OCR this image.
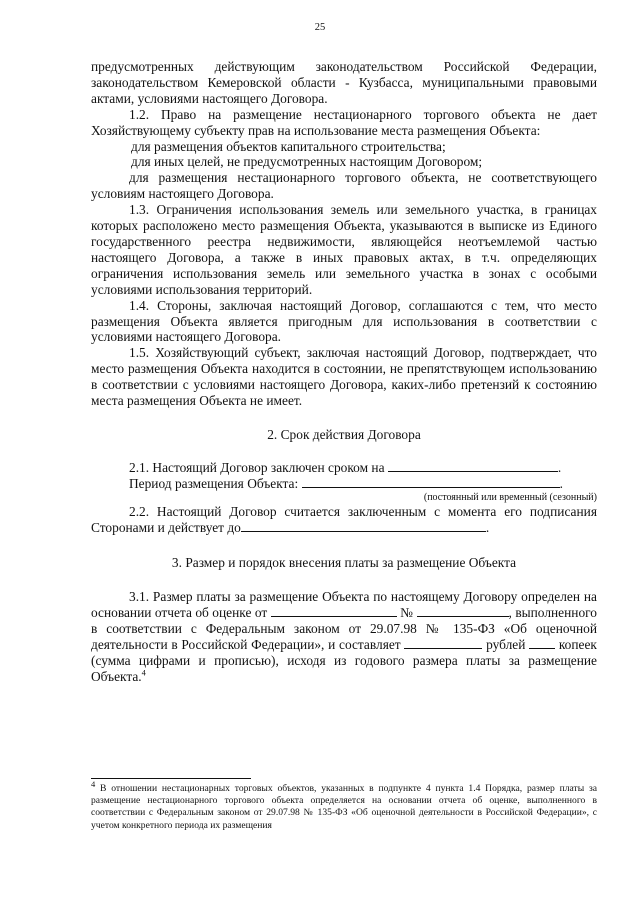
25

предусмотренных действующим законодательством Российской Федерации, законодательством Кемеровской области - Кузбасса, муниципальными правовыми актами, условиями настоящего Договора.

1.2. Право на размещение нестационарного торгового объекта не дает Хозяйствующему субъекту прав на использование места размещения Объекта:

для размещения объектов капитального строительства;

для иных целей, не предусмотренных настоящим Договором;

для размещения нестационарного торгового объекта, не соответствующего условиям настоящего Договора.

1.3. Ограничения использования земель или земельного участка, в границах которых расположено место размещения Объекта, указываются в выписке из Единого государственного реестра недвижимости, являющейся неотъемлемой частью настоящего Договора, а также в иных правовых актах, в т.ч. определяющих ограничения использования земель или земельного участка в зонах с особыми условиями использования территорий.

1.4. Стороны, заключая настоящий Договор, соглашаются с тем, что место размещения Объекта является пригодным для использования в соответствии с условиями настоящего Договора.

1.5. Хозяйствующий субъект, заключая настоящий Договор, подтверждает, что место размещения Объекта находится в состоянии, не препятствующем использованию в соответствии с условиями настоящего Договора, каких-либо претензий к состоянию места размещения Объекта не имеет.

2. Срок действия Договора

2.1. Настоящий Договор заключен сроком на	.

Период размещения Объекта:	.

(постоянный или временный (сезонный)

2.2. Настоящий Договор считается заключенным с момента его подписания Сторонами и действует до	.

3. Размер и порядок внесения платы за размещение Объекта

3.1. Размер платы за размещение Объекта по настоящему Договору определен на основании отчета об оценке от	№	, выполненного в соответствии с Федеральным законом от 29.07.98 № 135-ФЗ «Об оценочной деятельности в Российской Федерации», и составляет	рублей копеек (сумма цифрами и прописью), исходя из годового размера платы за размещение Объекта.$^4$

$^4$ В отношении нестационарных торговых объектов, указанных в подпункте 4 пункта 1.4 Порядка, размер платы за размещение нестационарного торгового объекта определяется на основании отчета об оценке, выполненного в соответствии с Федеральным законом от 29.07.98 № 135-ФЗ «Об оценочной деятельности в Российской Федерации», с учетом конкретного периода их размещения
